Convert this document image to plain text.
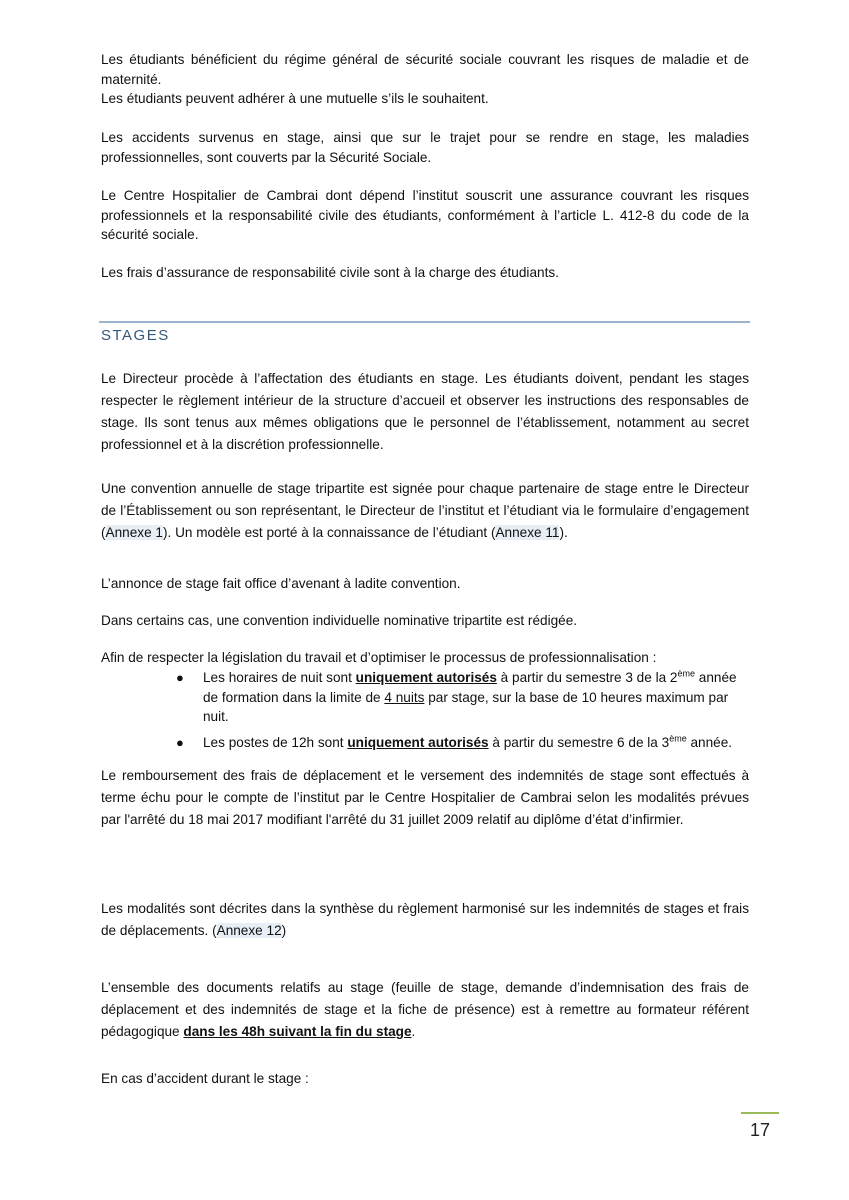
Les étudiants bénéficient du régime général de sécurité sociale couvrant les risques de maladie et de maternité.
Les étudiants peuvent adhérer à une mutuelle s’ils le souhaitent.
Les accidents survenus en stage, ainsi que sur le trajet pour se rendre en stage, les maladies professionnelles, sont couverts par la Sécurité Sociale.
Le Centre Hospitalier de Cambrai dont dépend l’institut souscrit une assurance couvrant les risques professionnels et la responsabilité civile des étudiants, conformément à l’article L. 412-8 du code de la sécurité sociale.
Les frais d’assurance de responsabilité civile sont à la charge des étudiants.
STAGES
Le Directeur procède à l’affectation des étudiants en stage. Les étudiants doivent, pendant les stages respecter le règlement intérieur de la structure d’accueil et observer les instructions des responsables de stage. Ils sont tenus aux mêmes obligations que le personnel de l’établissement, notamment au secret professionnel et à la discrétion professionnelle.
Une convention annuelle de stage tripartite est signée pour chaque partenaire de stage entre le Directeur de l’Établissement ou son représentant, le Directeur de l’institut et l’étudiant via le formulaire d’engagement (Annexe 1). Un modèle est porté à la connaissance de l’étudiant (Annexe 11).
L’annonce de stage fait office d’avenant à ladite convention.
Dans certains cas, une convention individuelle nominative tripartite est rédigée.
Afin de respecter la législation du travail et d’optimiser le processus de professionnalisation :
● Les horaires de nuit sont uniquement autorisés à partir du semestre 3 de la 2ème année de formation dans la limite de 4 nuits par stage, sur la base de 10 heures maximum par nuit.
● Les postes de 12h sont uniquement autorisés à partir du semestre 6 de la 3ème année.
Le remboursement des frais de déplacement et le versement des indemnités de stage sont effectués à terme échu pour le compte de l’institut par le Centre Hospitalier de Cambrai selon les modalités prévues par l'arrêté du 18 mai 2017 modifiant l'arrêté du 31 juillet 2009 relatif au diplôme d’état d’infirmier.
Les modalités sont décrites dans la synthèse du règlement harmonisé sur les indemnités de stages et frais de déplacements. (Annexe 12)
L’ensemble des documents relatifs au stage (feuille de stage, demande d’indemnisation des frais de déplacement et des indemnités de stage et la fiche de présence) est à remettre au formateur référent pédagogique dans les 48h suivant la fin du stage.
En cas d’accident durant le stage :
17
